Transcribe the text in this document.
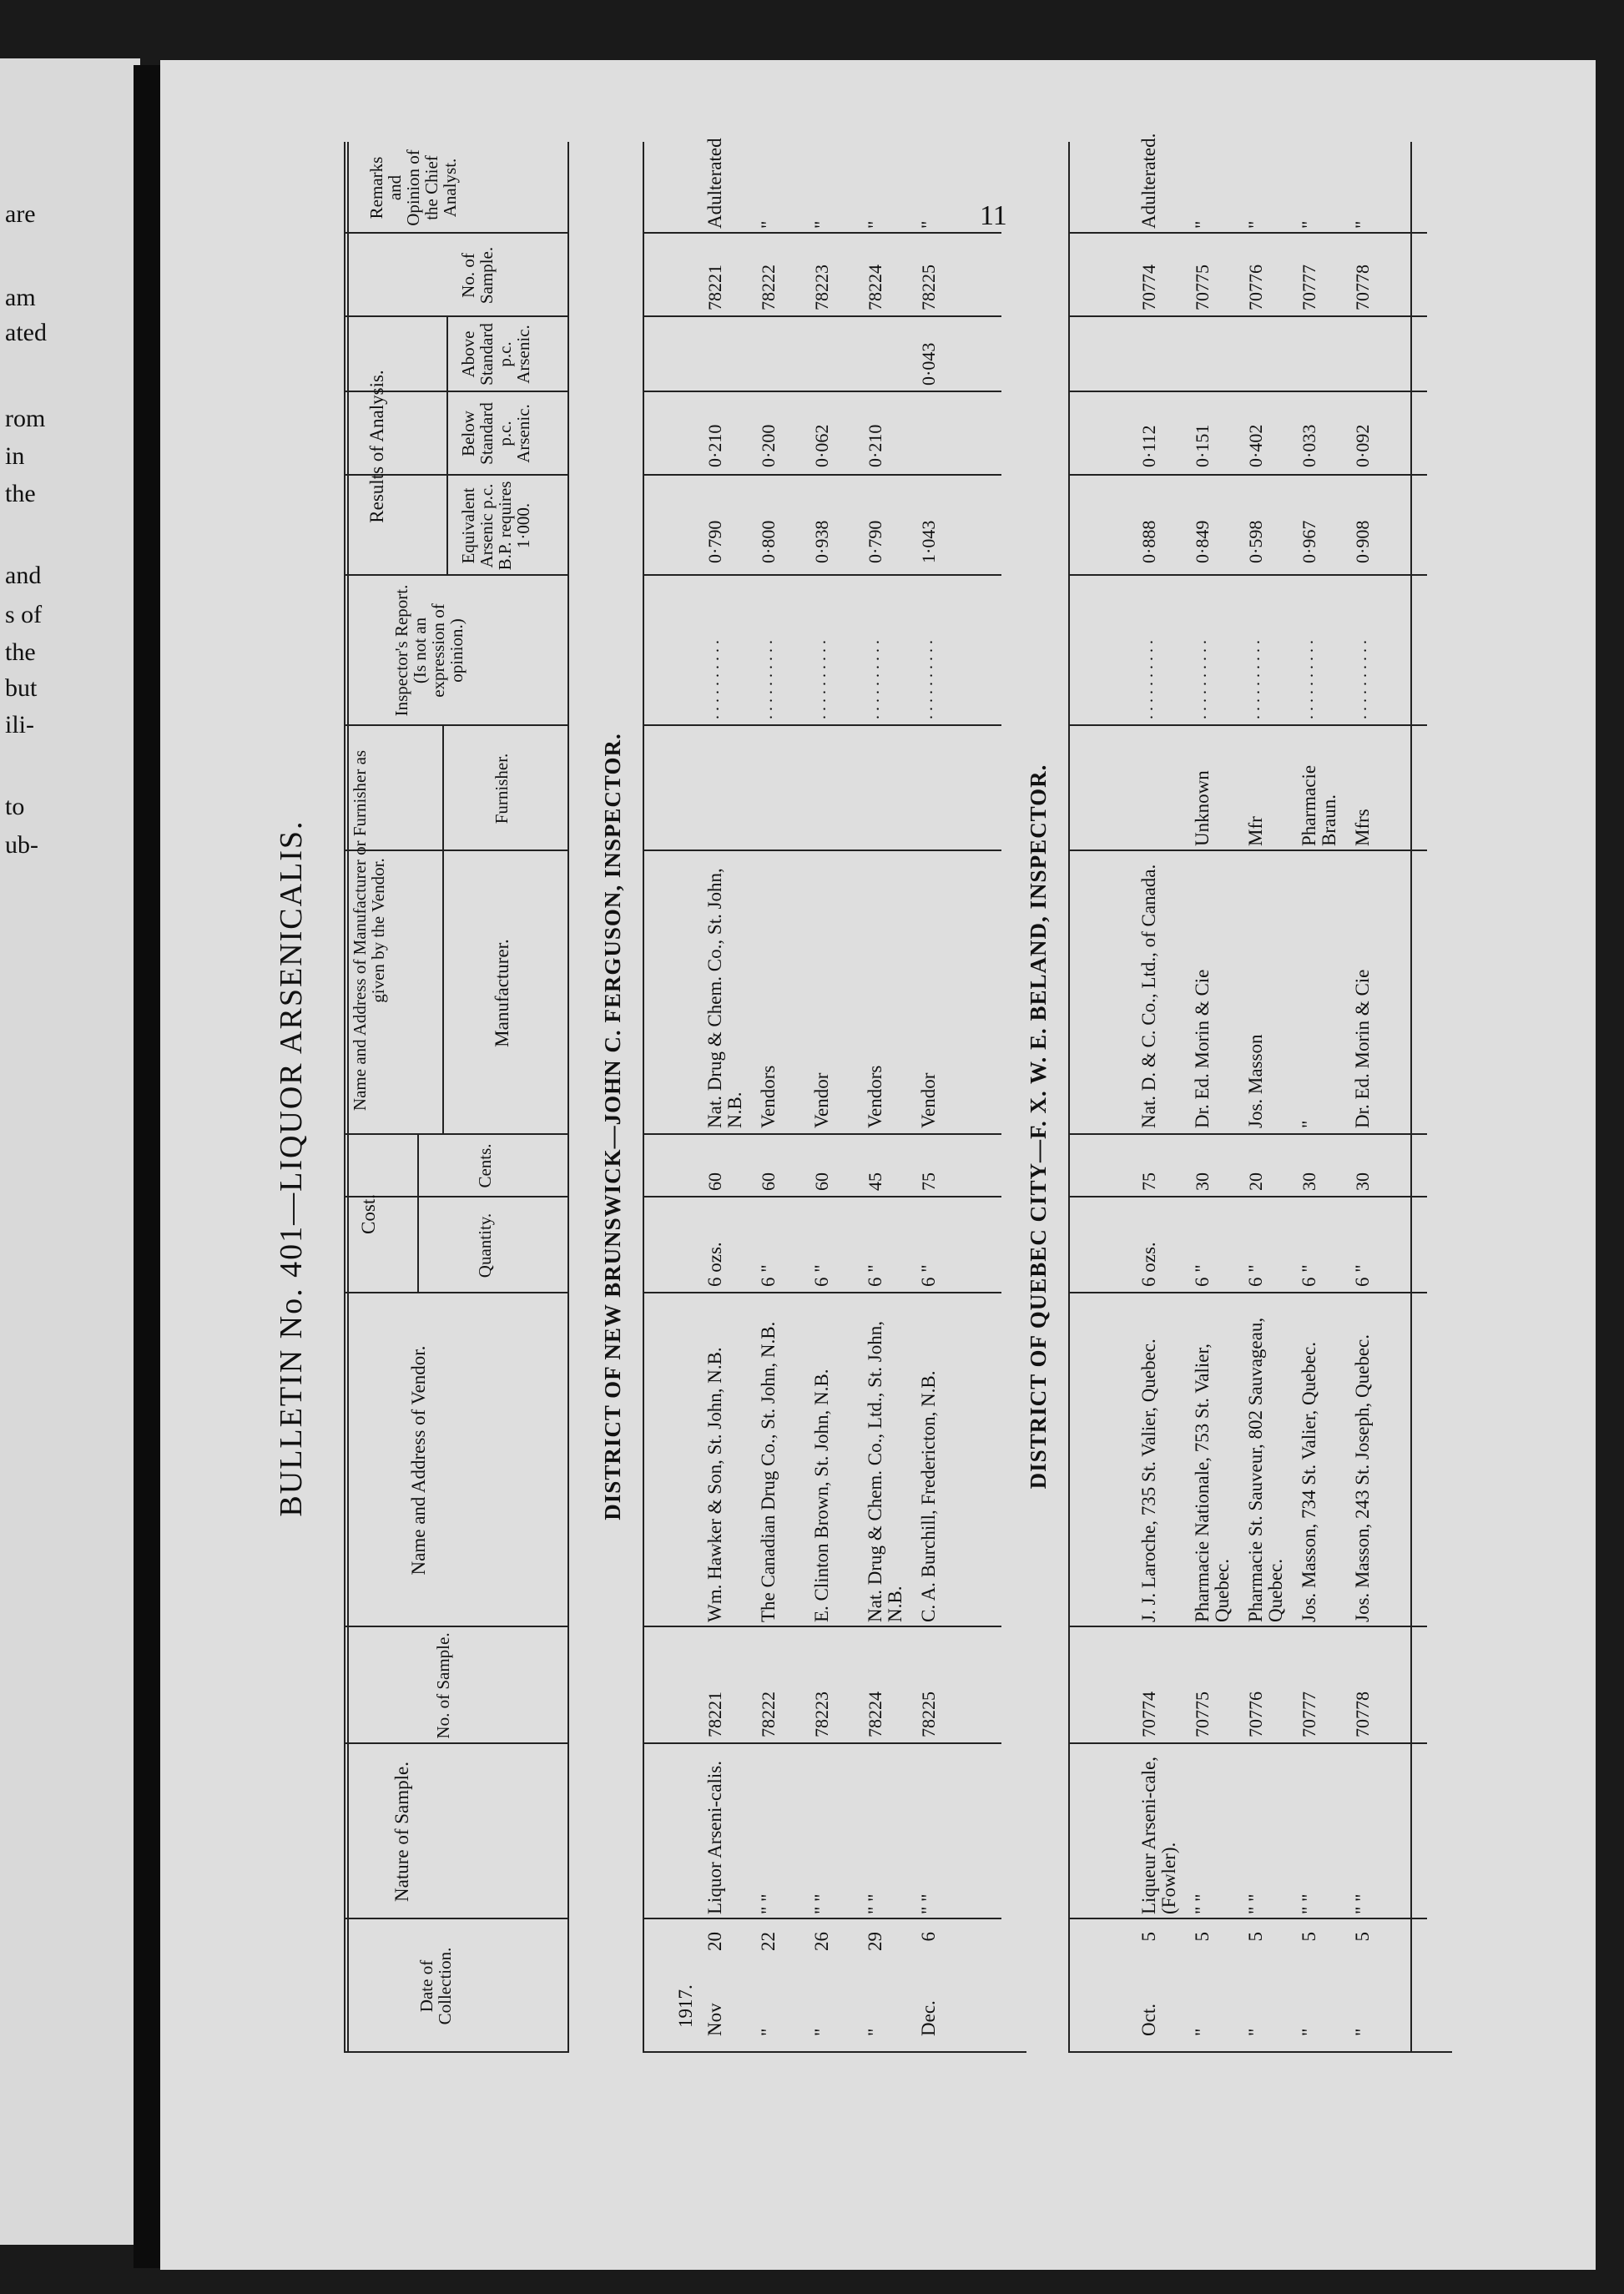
are
am
ated
rom
in
the
and
s of
the
but
ili-
to
ub-
11
BULLETIN No. 401—LIQUOR ARSENICALIS.
Date of Collection.
Nature of Sample.
No. of Sample.
Name and Address of Vendor.
Cost.	Quantity.
Cents.
Name and Address of Manufacturer or Furnisher as given by the Vendor.	Manufacturer.
Furnisher.
Inspector's Report. (Is not an expression of opinion.)
Results of Analysis.
Equivalent Arsenic p.c. B.P. requires 1·000.
Below Standard p.c. Arsenic.
Above Standard p.c. Arsenic.
No. of Sample.
Remarks and Opinion of the Chief Analyst.
1917.
DISTRICT OF NEW BRUNSWICK—JOHN C. FERGUSON, INSPECTOR.
Nov
20
Liquor Arseni-calis.
78221
Wm. Hawker & Son, St. John, N.B.
6 ozs.
60
Nat. Drug & Chem. Co., St. John, N.B.
. . . . . . . . . .
0·790
0·210
78221
Adulterated
"
22
" "
78222
The Canadian Drug Co., St. John, N.B.
6 "
60
Vendors
. . . . . . . . . .
0·800
0·200
78222
"
"
26
" "
78223
E. Clinton Brown, St. John, N.B.
6 "
60
Vendor
. . . . . . . . . .
0·938
0·062
78223
"
"
29
" "
78224
Nat. Drug & Chem. Co., Ltd., St. John, N.B.
6 "
45
Vendors
. . . . . . . . . .
0·790
0·210
78224
"
Dec.
6
" "
78225
C. A. Burchill, Fredericton, N.B.
6 "
75
Vendor
. . . . . . . . . .
1·043
0·043
78225
"
DISTRICT OF QUEBEC CITY—F. X. W. E. BELAND, INSPECTOR.
Oct.
5
Liqueur Arseni-cale, (Fowler).
70774
J. J. Laroche, 735 St. Valier, Quebec.
6 ozs.
75
Nat. D. & C. Co., Ltd., of Canada.
. . . . . . . . . .
0·888
0·112
70774
Adulterated.
"
5
" "
70775
Pharmacie Nationale, 753 St. Valier, Quebec.
6 "
30
Dr. Ed. Morin & Cie
Unknown
. . . . . . . . . .
0·849
0·151
70775
"
"
5
" "
70776
Pharmacie St. Sauveur, 802 Sauvageau, Quebec.
6 "
20
Jos. Masson
Mfr
. . . . . . . . . .
0·598
0·402
70776
"
"
5
" "
70777
Jos. Masson, 734 St. Valier, Quebec.
6 "
30
"
Pharmacie Braun.
. . . . . . . . . .
0·967
0·033
70777
"
"
5
" "
70778
Jos. Masson, 243 St. Joseph, Quebec.
6 "
30
Dr. Ed. Morin & Cie
Mfrs
. . . . . . . . . .
0·908
0·092
70778
"
